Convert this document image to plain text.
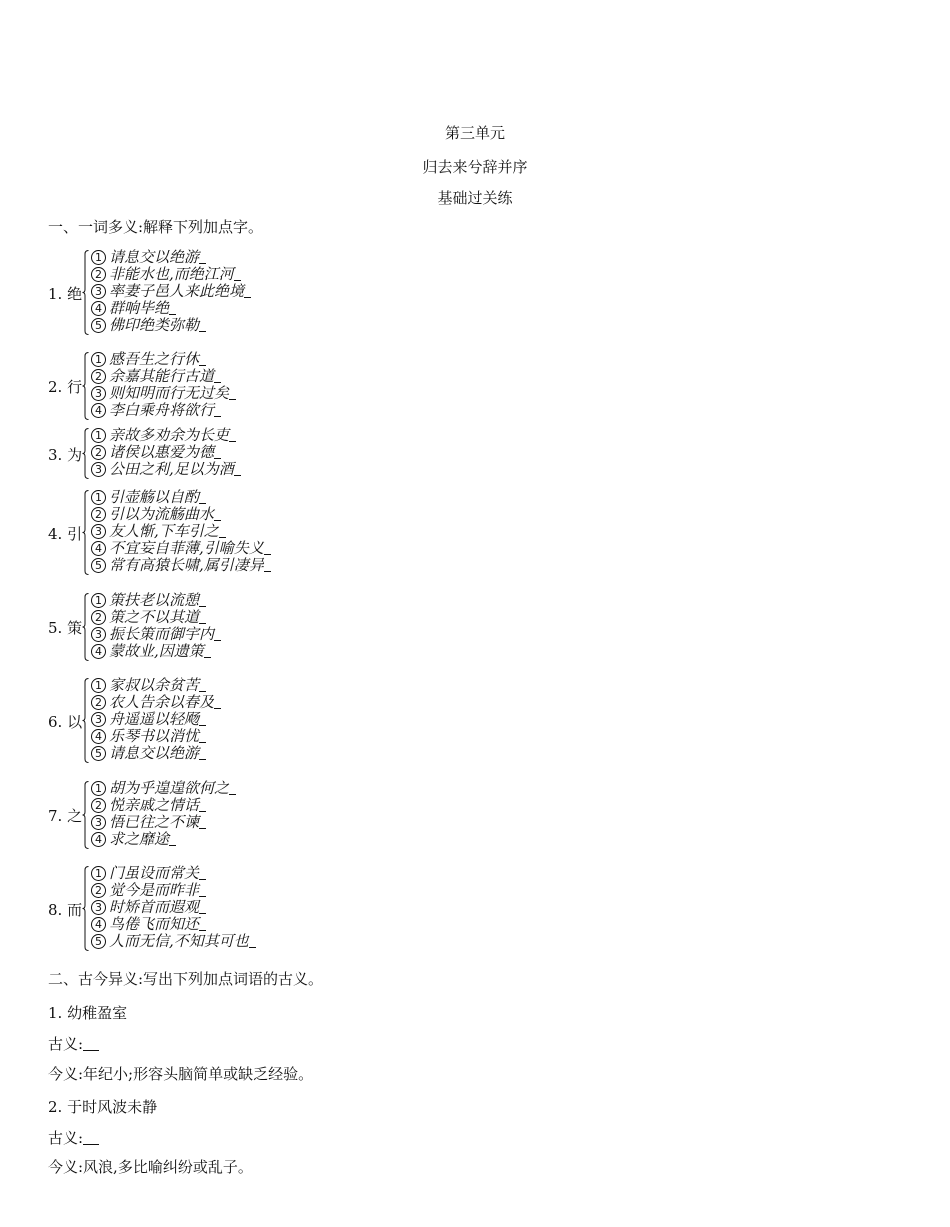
第三单元
归去来兮辞并序
基础过关练
一、一词多义:解释下列加点字。
1. 绝
1 请息交以绝游
2 非能水也,而绝江河
3 率妻子邑人来此绝境
4 群响毕绝
5 佛印绝类弥勒
2. 行
1 感吾生之行休
2 余嘉其能行古道
3 则知明而行无过矣
4 李白乘舟将欲行
3. 为
1 亲故多劝余为长吏
2 诸侯以惠爱为德
3 公田之利,足以为酒
4. 引
1 引壶觞以自酌
2 引以为流觞曲水
3 友人惭,下车引之
4 不宜妄自菲薄,引喻失义
5 常有高猿长啸,属引凄异
5. 策
1 策扶老以流憩
2 策之不以其道
3 振长策而御宇内
4 蒙故业,因遗策
6. 以
1 家叔以余贫苦
2 农人告余以春及
3 舟遥遥以轻飏
4 乐琴书以消忧
5 请息交以绝游
7. 之
1 胡为乎遑遑欲何之
2 悦亲戚之情话
3 悟已往之不谏
4 求之靡途
8. 而
1 门虽设而常关
2 觉今是而昨非
3 时矫首而遐观
4 鸟倦飞而知还
5 人而无信,不知其可也
二、古今异义:写出下列加点词语的古义。
1. 幼稚盈室
古义:
今义:年纪小;形容头脑简单或缺乏经验。
2. 于时风波未静
古义:
今义:风浪,多比喻纠纷或乱子。
